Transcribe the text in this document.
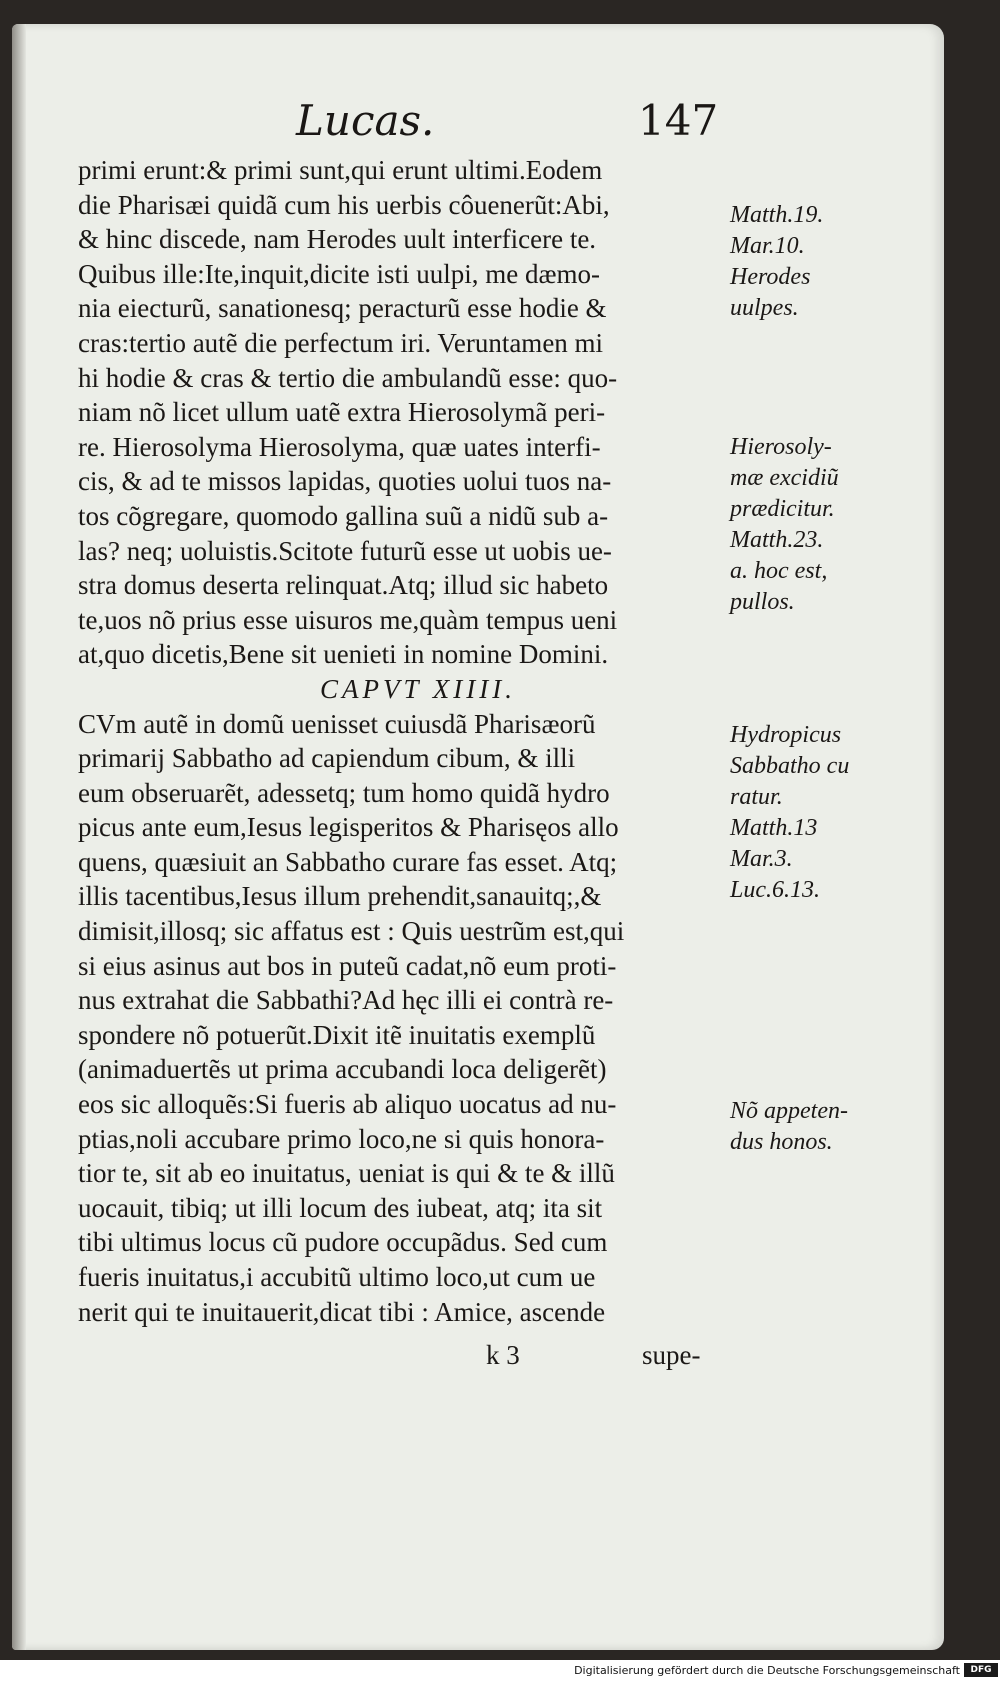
Lucas.	147
primi erunt:& primi sunt,qui erunt ultimi.Eodem
die Pharisæi quidã cum his uerbis côuenerũt:Abi,
& hinc discede, nam Herodes uult interficere te.
Quibus ille:Ite,inquit,dicite isti uulpi, me dæmo-
nia eiecturũ, sanationesq; peracturũ esse hodie &
cras:tertio autẽ die perfectum iri. Veruntamen mi
hi hodie & cras & tertio die ambulandũ esse: quo-
niam nõ licet ullum uatẽ extra Hierosolymã peri-
re. Hierosolyma Hierosolyma, quæ uates interfi-
cis, & ad te missos lapidas, quoties uolui tuos na-
tos cõgregare, quomodo gallina suũ a nidũ sub a-
las? neq; uoluistis.Scitote futurũ esse ut uobis ue-
stra domus deserta relinquat.Atq; illud sic habeto
te,uos nõ prius esse uisuros me,quàm tempus ueni
at,quo dicetis,Bene sit uenieti in nomine Domini.
CAPVT XIIII.
CVm autẽ in domũ uenisset cuiusdã Pharisæorũ
primarij Sabbatho ad capiendum cibum, & illi
eum obseruarẽt, adessetq; tum homo quidã hydro
picus ante eum,Iesus legisperitos & Pharisęos allo
quens, quæsiuit an Sabbatho curare fas esset. Atq;
illis tacentibus,Iesus illum prehendit,sanauitq;,&
dimisit,illosq; sic affatus est : Quis uestrũm est,qui
si eius asinus aut bos in puteũ cadat,nõ eum proti-
nus extrahat die Sabbathi?Ad hęc illi ei contrà re-
spondere nõ potuerũt.Dixit itẽ inuitatis exemplũ
(animaduertẽs ut prima accubandi loca deligerẽt)
eos sic alloquẽs:Si fueris ab aliquo uocatus ad nu-
ptias,noli accubare primo loco,ne si quis honora-
tior te, sit ab eo inuitatus, ueniat is qui & te & illũ
uocauit, tibiq; ut illi locum des iubeat, atq; ita sit
tibi ultimus locus cũ pudore occupãdus. Sed cum
fueris inuitatus,i accubitũ ultimo loco,ut cum ue
nerit qui te inuitauerit,dicat tibi : Amice, ascende
Matth.19.
Mar.10.
Herodes
uulpes.
Hierosoly-
mæ excidiũ
prædicitur.
Matth.23.
a. hoc est,
pullos.
Hydropicus
Sabbatho cu
ratur.
Matth.13
Mar.3.
Luc.6.13.
Nõ appeten-
dus honos.
k 3	supe-
Digitalisierung gefördert durch die Deutsche Forschungsgemeinschaft	DFG
